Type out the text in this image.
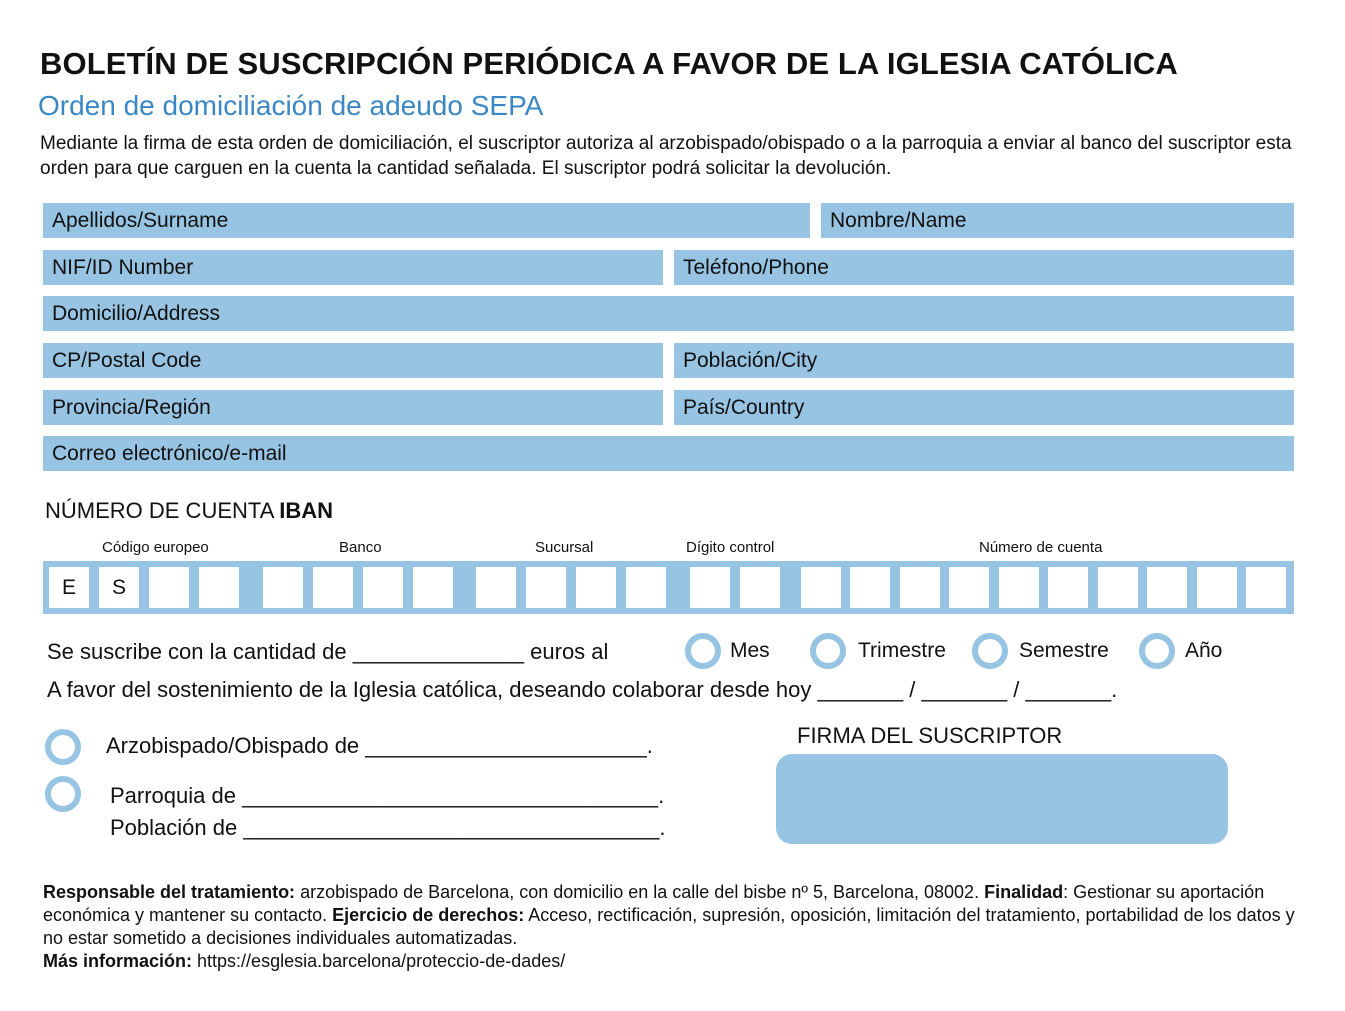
BOLETÍN DE SUSCRIPCIÓN PERIÓDICA A FAVOR DE LA IGLESIA CATÓLICA
Orden de domiciliación de adeudo SEPA
Mediante la firma de esta orden de domiciliación, el suscriptor autoriza al arzobispado/obispado o a la parroquia a enviar al banco del suscriptor esta orden para que carguen en la cuenta la cantidad señalada. El suscriptor podrá solicitar la devolución.
Apellidos/Surname	Nombre/Name
NIF/ID Number	Teléfono/Phone
Domicilio/Address
CP/Postal Code	Población/City
Provincia/Región	País/Country
Correo electrónico/e-mail
NÚMERO DE CUENTA IBAN
Código europeo	Banco	Sucursal	Dígito control	Número de cuenta
E	S
Se suscribe con la cantidad de ______________ euros al	Mes	Trimestre	Semestre	Año
A favor del sostenimiento de la Iglesia católica, deseando colaborar desde hoy _______ / _______ / _______.
Arzobispado/Obispado de _______________________.
Parroquia de __________________________________.
Población de __________________________________.
FIRMA DEL SUSCRIPTOR
Responsable del tratamiento: arzobispado de Barcelona, con domicilio en la calle del bisbe nº 5, Barcelona, 08002. Finalidad: Gestionar su aportación económica y mantener su contacto. Ejercicio de derechos: Acceso, rectificación, supresión, oposición, limitación del tratamiento, portabilidad de los datos y no estar sometido a decisiones individuales automatizadas.
Más información: https://esglesia.barcelona/proteccio-de-dades/
